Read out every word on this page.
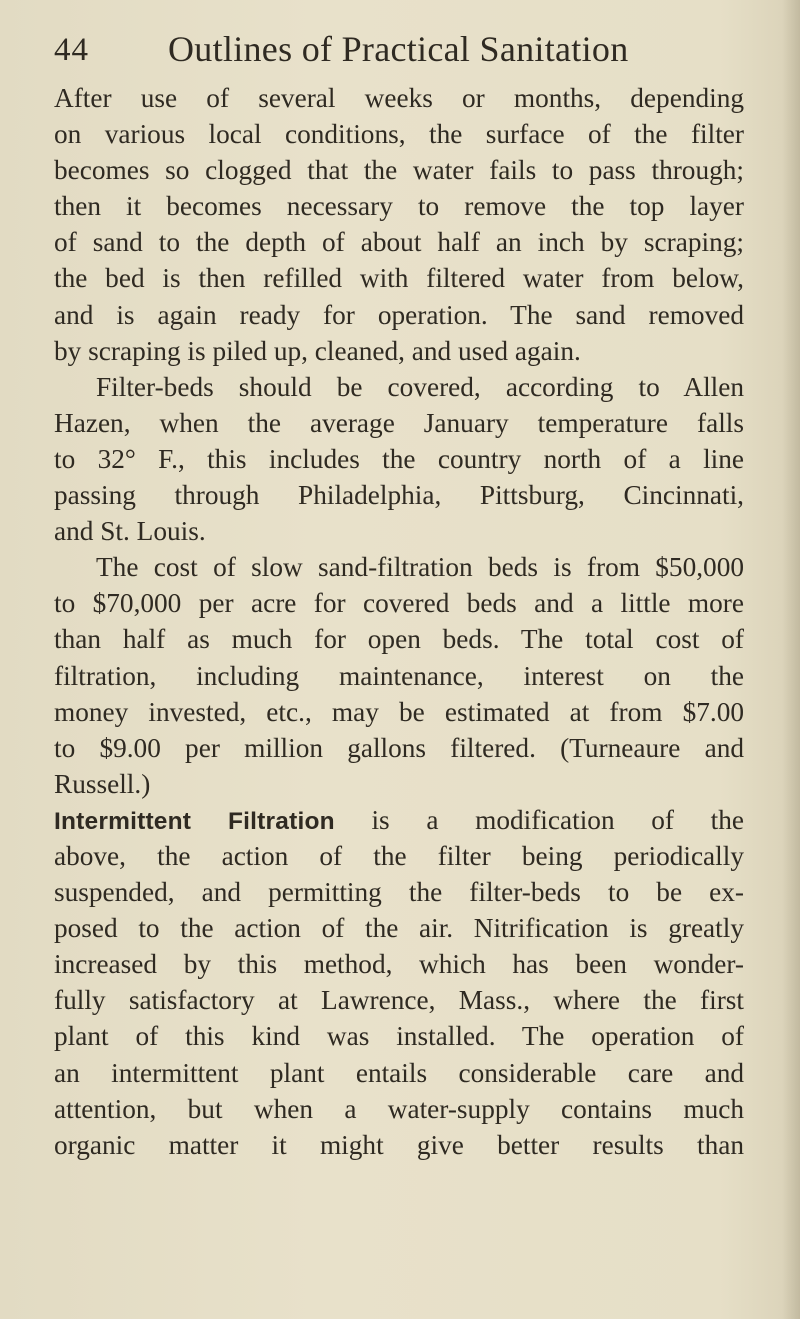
44 Outlines of Practical Sanitation
After use of several weeks or months, depending
on various local conditions, the surface of the filter
becomes so clogged that the water fails to pass through;
then it becomes necessary to remove the top layer
of sand to the depth of about half an inch by scraping;
the bed is then refilled with filtered water from below,
and is again ready for operation. The sand removed
by scraping is piled up, cleaned, and used again.
Filter-beds should be covered, according to Allen
Hazen, when the average January temperature falls
to 32° F., this includes the country north of a line
passing through Philadelphia, Pittsburg, Cincinnati,
and St. Louis.
The cost of slow sand-filtration beds is from $50,000
to $70,000 per acre for covered beds and a little more
than half as much for open beds. The total cost of
filtration, including maintenance, interest on the
money invested, etc., may be estimated at from $7.00
to $9.00 per million gallons filtered. (Turneaure and
Russell.)
Intermittent Filtration is a modification of the
above, the action of the filter being periodically
suspended, and permitting the filter-beds to be ex-
posed to the action of the air. Nitrification is greatly
increased by this method, which has been wonder-
fully satisfactory at Lawrence, Mass., where the first
plant of this kind was installed. The operation of
an intermittent plant entails considerable care and
attention, but when a water-supply contains much
organic matter it might give better results than
